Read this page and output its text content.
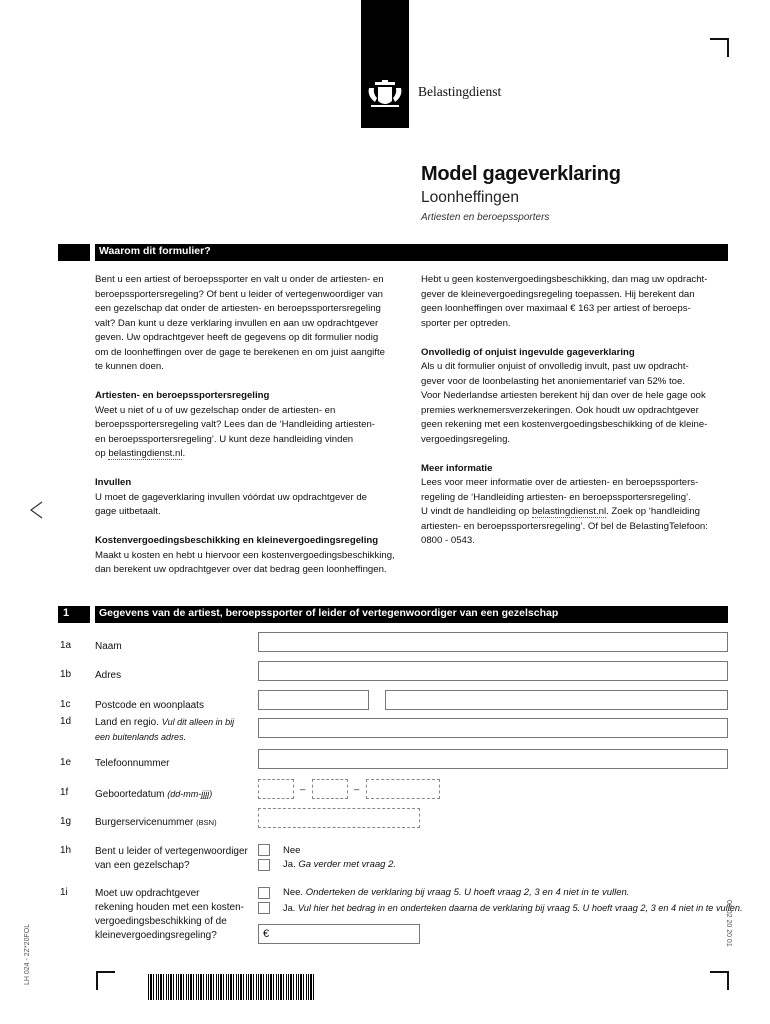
Belastingdienst
Model gageverklaring
Loonheffingen
Artiesten en beroepssporters
Waarom dit formulier?

Bent u een artiest of beroepssporter en valt u onder de artiesten- en
beroepssportersregeling? Of bent u leider of vertegenwoordiger van
een gezelschap dat onder de artiesten- en beroepssportersregeling
valt? Dan kunt u deze verklaring invullen en aan uw opdrachtgever
geven. Uw opdrachtgever heeft de gegevens op dit formulier nodig
om de loonheffingen over de gage te berekenen en om juist aangifte
te kunnen doen.

Artiesten- en beroepssportersregeling

Weet u niet of u of uw gezelschap onder de artiesten- en
beroepssportersregeling valt? Lees dan de ‘Handleiding artiesten-
en beroepssportersregeling’. U kunt deze handleiding vinden
op belastingdienst.nl.

Invullen

U moet de gageverklaring invullen vóórdat uw opdrachtgever de
gage uitbetaalt.

Kostenvergoedingsbeschikking en kleinevergoedingsregeling

Maakt u kosten en hebt u hiervoor een kostenvergoedingsbeschikking,
dan berekent uw opdrachtgever over dat bedrag geen loonheffingen.

Hebt u geen kostenvergoedingsbeschikking, dan mag uw opdracht-
gever de kleinevergoedingsregeling toepassen. Hij berekent dan
geen loonheffingen over maximaal € 163 per artiest of beroeps-
sporter per optreden.

Onvolledig of onjuist ingevulde gageverklaring

Als u dit formulier onjuist of onvolledig invult, past uw opdracht-
gever voor de loonbelasting het anoniementarief van 52% toe.
Voor Nederlandse artiesten berekent hij dan over de hele gage ook
premies werknemersverzekeringen. Ook houdt uw opdrachtgever
geen rekening met een kostenvergoedingsbeschikking of de kleine-
vergoedingsregeling.

Meer informatie

Lees voor meer informatie over de artiesten- en beroepssporters-
regeling de ‘Handleiding artiesten- en beroepssportersregeling’.
U vindt de handleiding op belastingdienst.nl. Zoek op ‘handleiding
artiesten- en beroepssportersregeling’. Of bel de BelastingTelefoon:
0800 - 0543.

1	Gegevens van de artiest, beroepssporter of leider of vertegenwoordiger van een gezelschap
1a Naam
1b Adres
1c Postcode en woonplaats
1d Land en regio. Vul dit alleen in bij
een buitenlands adres.
1e Telefoonnummer
1f	Geboortedatum (dd-mm-jjjj)	–	–
1g Burgerservicenummer (BSN)
1h Bent u leider of vertegenwoordiger
van een gezelschap?
Nee
Ja. Ga verder met vraag 2.
1i	Moet uw opdrachtgever
rekening houden met een kosten-
vergoedingsbeschikking of de
kleinevergoedingsregeling?
Nee. Onderteken de verklaring bij vraag 5. U hoeft vraag 2, 3 en 4 niet in te vullen.
Ja. Vul hier het bedrag in en onderteken daarna de verklaring bij vraag 5. U hoeft vraag 2, 3 en 4 niet in te vullen.
€
LH 024 - 2Z*20FOL
06 02 20 20 01
